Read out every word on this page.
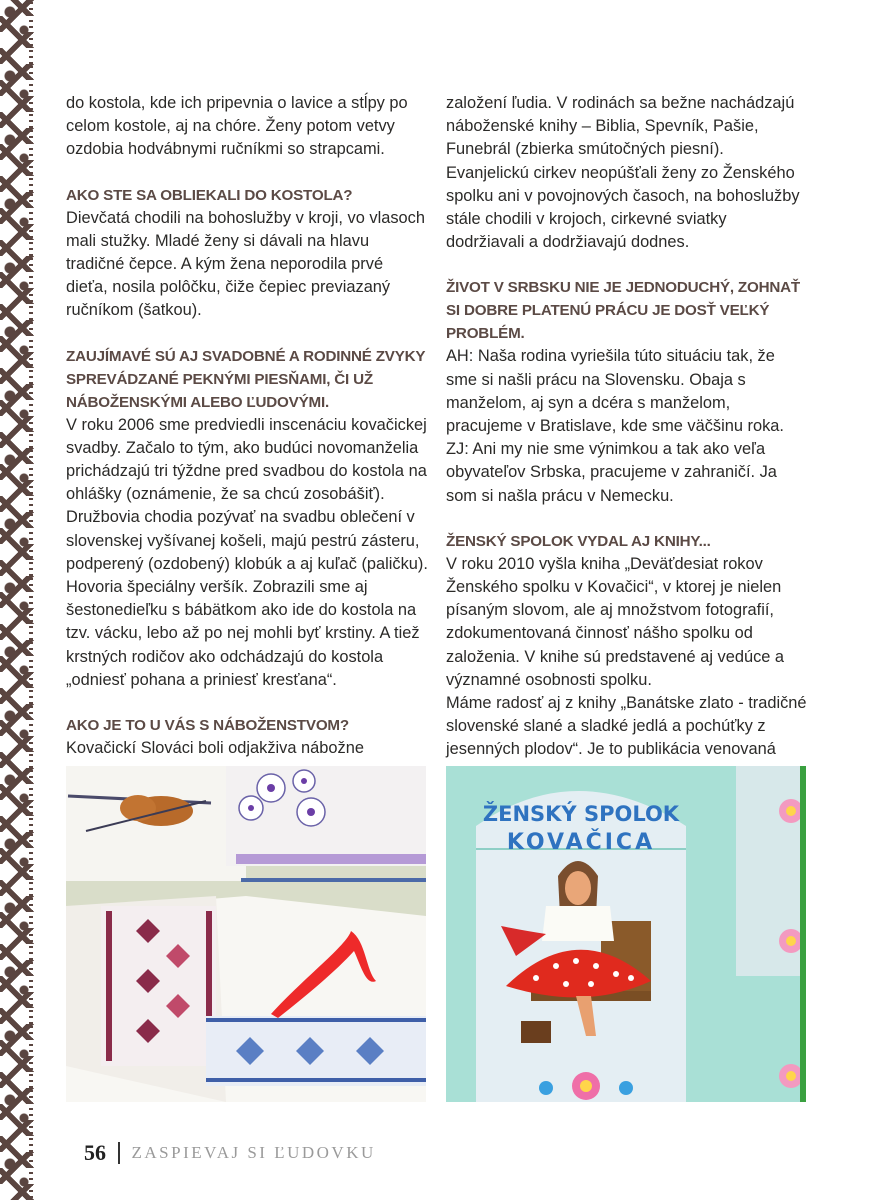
do kostola, kde ich pripevnia o lavice a stĺpy po celom kostole, aj na chóre. Ženy potom vetvy ozdobia hodvábnymi ručníkmi so strapcami.

AKO STE SA OBLIEKALI DO KOSTOLA?

Dievčatá chodili na bohoslužby v kroji, vo vlasoch mali stužky. Mladé ženy si dávali na hlavu tradičné čepce. A kým žena neporodila prvé dieťa, nosila polôčku, čiže čepiec previazaný ručníkom (šatkou).

ZAUJÍMAVÉ SÚ AJ SVADOBNÉ A RODINNÉ ZVYKY SPREVÁDZANÉ PEKNÝMI PIESŇAMI, ČI UŽ NÁBOŽENSKÝMI ALEBO ĽUDOVÝMI.

V roku 2006 sme predviedli inscenáciu kovačickej svadby. Začalo to tým, ako budúci novomanželia prichádzajú tri týždne pred svadbou do kostola na ohlášky (oznámenie, že sa chcú zosobášiť). Družbovia chodia pozývať na svadbu oblečení v slovenskej vyšívanej košeli, majú pestrú zásteru, podperený (ozdobený) klobúk a aj kuľač (paličku). Hovoria špeciálny veršík. Zobrazili sme aj šestonedieľku s bábätkom ako ide do kostola na tzv. vácku, lebo až po nej mohli byť krstiny. A tiež krstných rodičov ako odchádzajú do kostola „odniesť pohana a priniesť kresťana“.

AKO JE TO U VÁS S NÁBOŽENSTVOM?

Kovačickí Slováci boli odjakživa nábožne

založení ľudia. V rodinách sa bežne nachádzajú náboženské knihy – Biblia, Spevník, Pašie, Funebrál (zbierka smútočných piesní). Evanjelickú cirkev neopúšťali ženy zo Ženského spolku ani v povojnových časoch, na bohoslužby stále chodili v krojoch, cirkevné sviatky dodržiavali a dodržiavajú dodnes.

ŽIVOT V SRBSKU NIE JE JEDNODUCHÝ, ZOHNAŤ SI DOBRE PLATENÚ PRÁCU JE DOSŤ VEĽKÝ PROBLÉM.

AH: Naša rodina vyriešila túto situáciu tak, že sme si našli prácu na Slovensku. Obaja s manželom, aj syn a dcéra s manželom, pracujeme v Bratislave, kde sme väčšinu roka.

ZJ: Ani my nie sme výnimkou a tak ako veľa obyvateľov Srbska, pracujeme v zahraničí. Ja som si našla prácu v Nemecku.

ŽENSKÝ SPOLOK VYDAL AJ KNIHY...

V roku 2010 vyšla kniha „Deväťdesiat rokov Ženského spolku v Kovačici“, v ktorej je nielen písaným slovom, ale aj množstvom fotografií, zdokumentovaná činnosť nášho spolku od založenia. V knihe sú predstavené aj vedúce a významné osobnosti spolku.

Máme radosť aj z knihy „Banátske zlato - tradičné slovenské slané a sladké jedlá a pochúťky z jesenných plodov“. Je to publikácia venovaná

ŽENSKÝ SPOLOK
KOVAČICA
56 ZASPIEVAJ SI ĽUDOVKU
